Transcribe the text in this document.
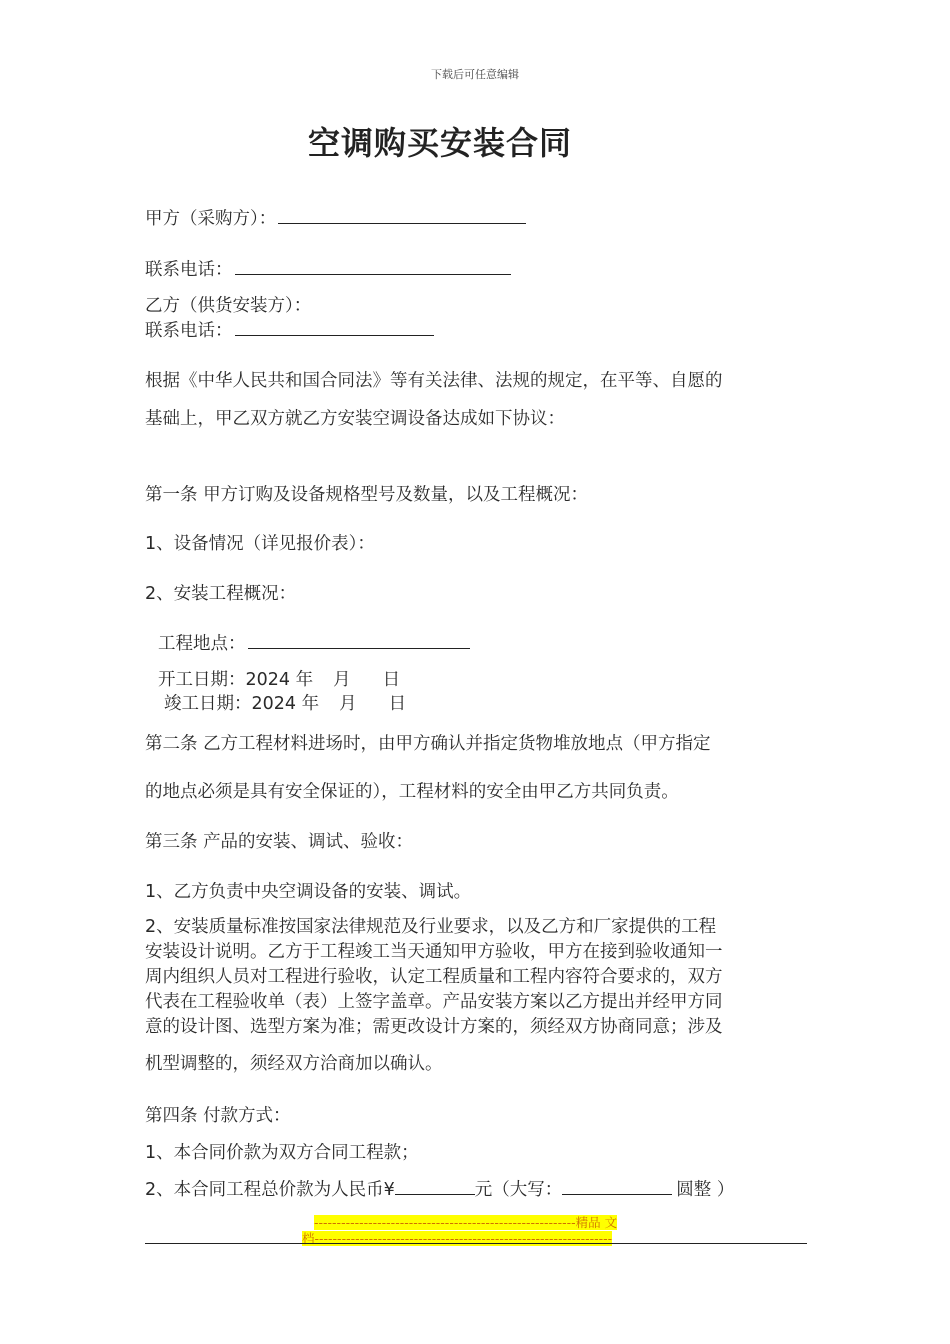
下载后可任意编辑
空调购买安装合同
甲方（采购方）：
联系电话：
乙方（供货安装方）：
联系电话：
根据《中华人民共和国合同法》等有关法律、法规的规定，在平等、自愿的
基础上，甲乙双方就乙方安装空调设备达成如下协议：
第一条 甲方订购及设备规格型号及数量，以及工程概况：
1、设备情况（详见报价表）：
2、安装工程概况：
工程地点：
开工日期：2024 年 月 日
竣工日期：2024 年 月 日
第二条 乙方工程材料进场时，由甲方确认并指定货物堆放地点（甲方指定
的地点必须是具有安全保证的），工程材料的安全由甲乙方共同负责。
第三条 产品的安装、调试、验收：
1、乙方负责中央空调设备的安装、调试。
2、安装质量标准按国家法律规范及行业要求，以及乙方和厂家提供的工程
安装设计说明。乙方于工程竣工当天通知甲方验收，甲方在接到验收通知一
周内组织人员对工程进行验收，认定工程质量和工程内容符合要求的，双方
代表在工程验收单（表）上签字盖章。产品安装方案以乙方提出并经甲方同
意的设计图、选型方案为准；需更改设计方案的，须经双方协商同意；涉及
机型调整的，须经双方洽商加以确认。
第四条 付款方式：
1、本合同价款为双方合同工程款；
2、本合同工程总价款为人民币¥	元（大写：	圆整 ）
----------------------------------------------------------精品 文
档------------------------------------------------------------------
